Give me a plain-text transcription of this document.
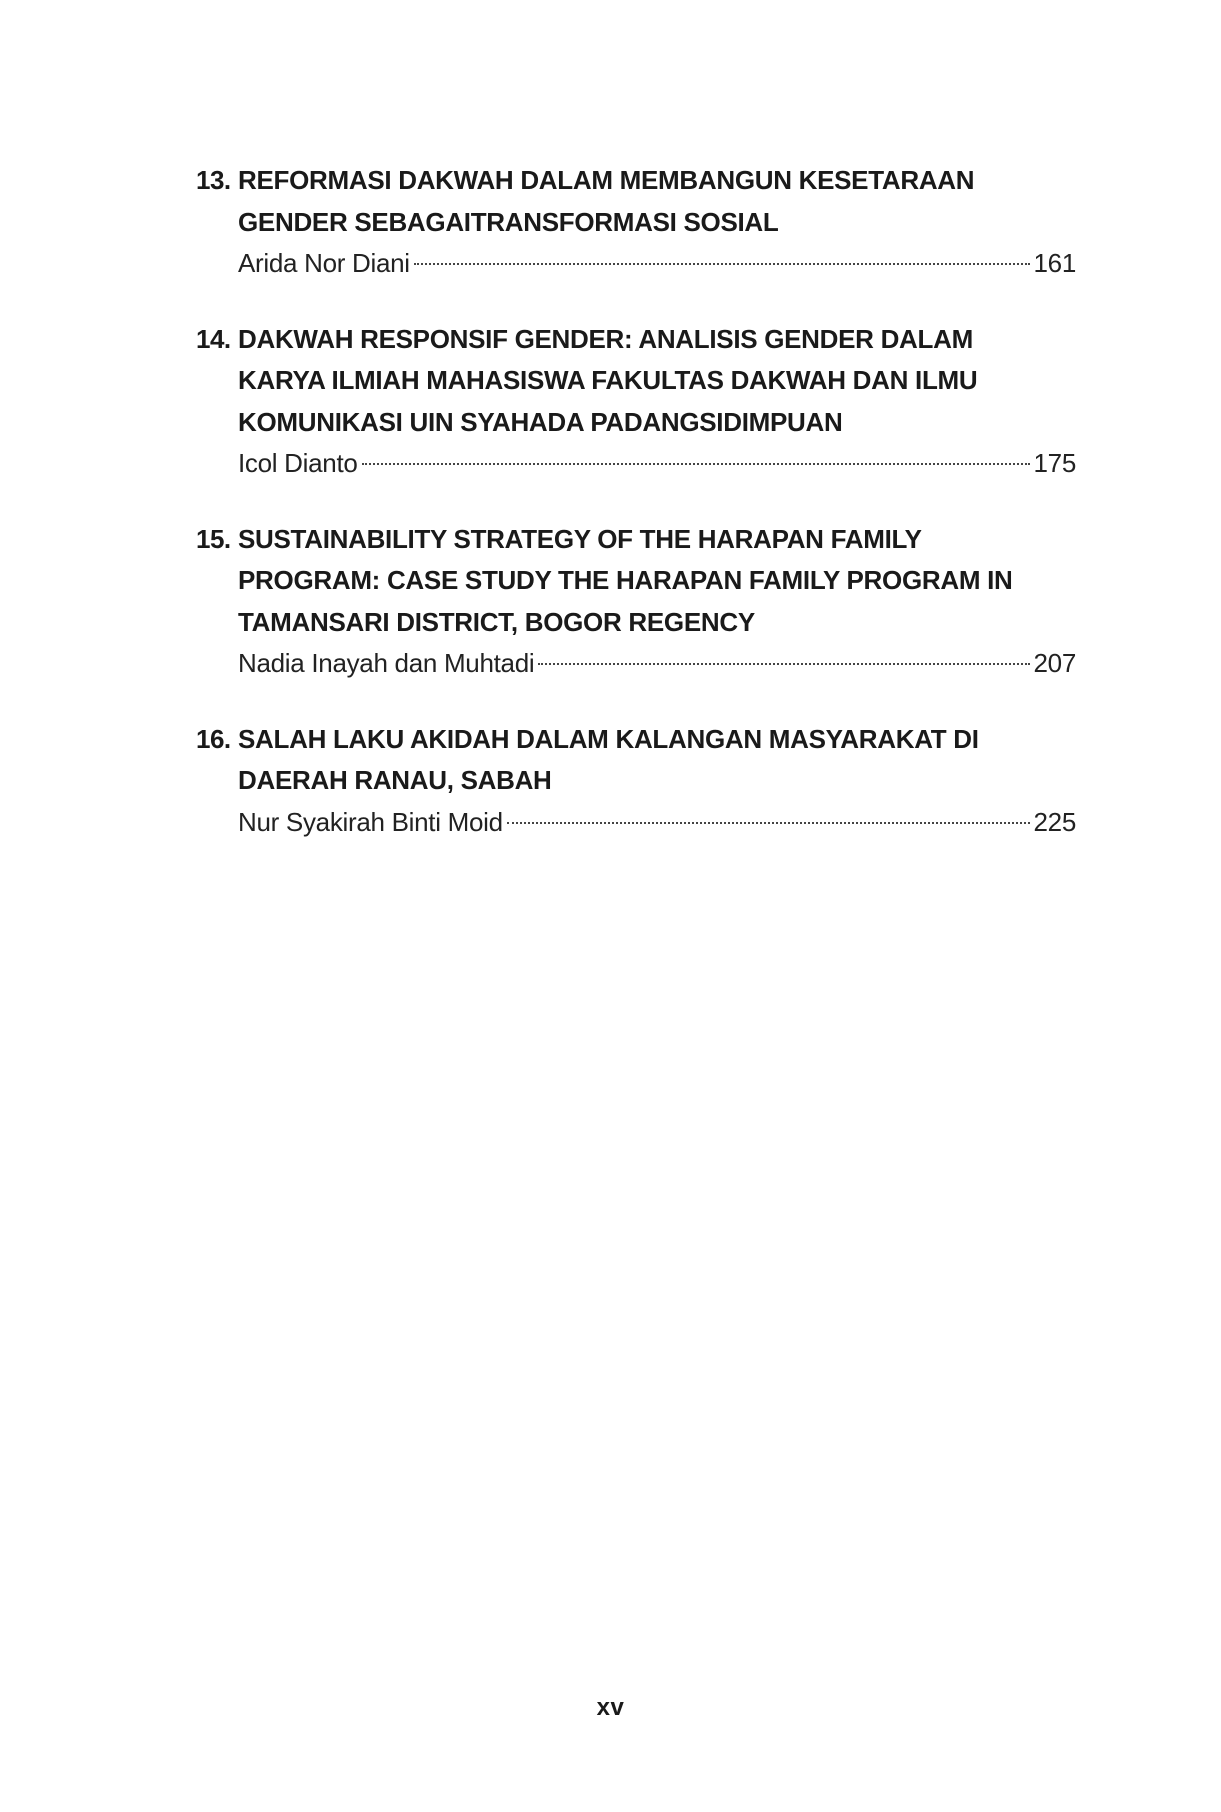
13. REFORMASI DAKWAH DALAM MEMBANGUN KESETARAAN
GENDER SEBAGAITRANSFORMASI SOSIAL
Arida Nor Diani	161
14. DAKWAH RESPONSIF GENDER: ANALISIS GENDER DALAM
KARYA ILMIAH MAHASISWA FAKULTAS DAKWAH DAN ILMU
KOMUNIKASI UIN SYAHADA PADANGSIDIMPUAN
Icol Dianto	175
15. SUSTAINABILITY STRATEGY OF THE HARAPAN FAMILY
PROGRAM: CASE STUDY THE HARAPAN FAMILY PROGRAM IN
TAMANSARI DISTRICT, BOGOR REGENCY
Nadia Inayah dan Muhtadi	207
16. SALAH LAKU AKIDAH DALAM KALANGAN MASYARAKAT DI
DAERAH RANAU, SABAH
Nur Syakirah Binti Moid	225
xv
